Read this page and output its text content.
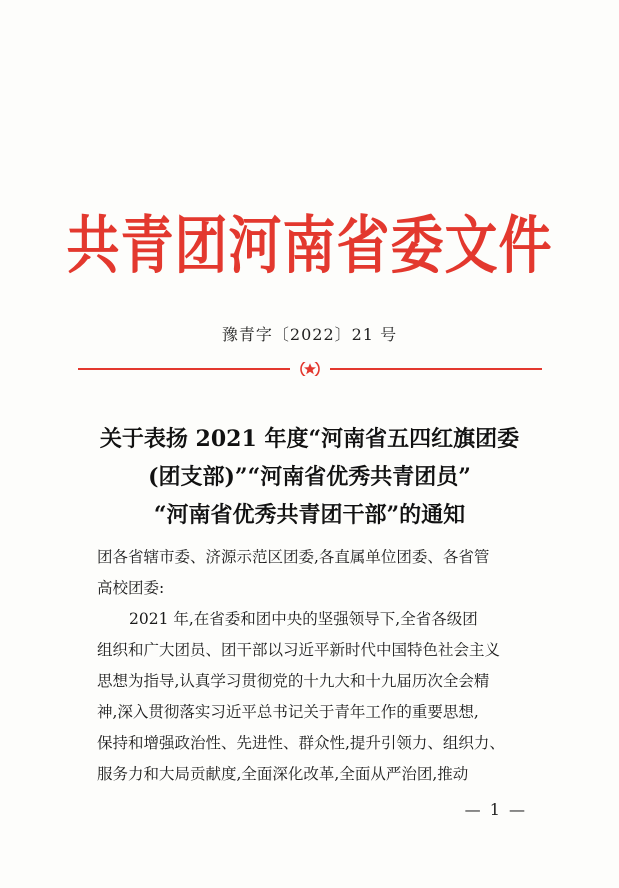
共青团河南省委文件
豫青字〔2022〕21 号
关于表扬 2021 年度“河南省五四红旗团委
(团支部)”“河南省优秀共青团员”
“河南省优秀共青团干部”的通知
团各省辖市委、济源示范区团委,各直属单位团委、各省管
高校团委:
2021 年,在省委和团中央的坚强领导下,全省各级团
组织和广大团员、团干部以习近平新时代中国特色社会主义
思想为指导,认真学习贯彻党的十九大和十九届历次全会精
神,深入贯彻落实习近平总书记关于青年工作的重要思想,
保持和增强政治性、先进性、群众性,提升引领力、组织力、
服务力和大局贡献度,全面深化改革,全面从严治团,推动
— 1 —
